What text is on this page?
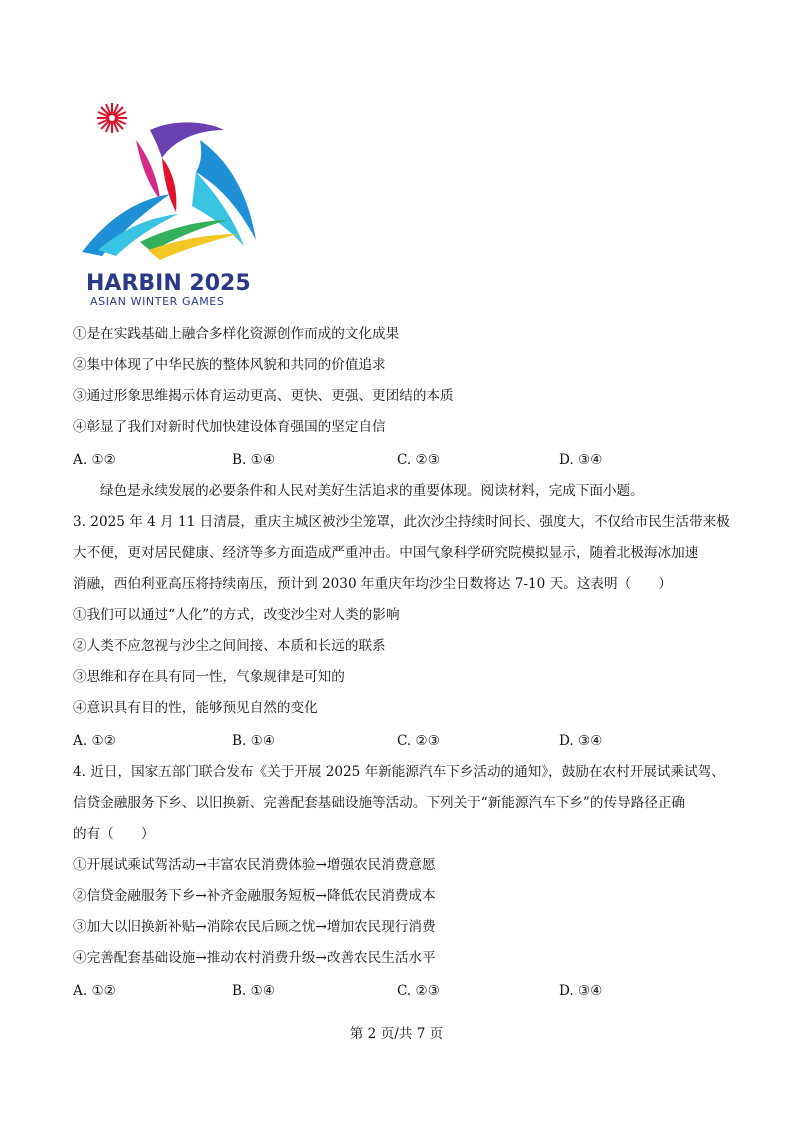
HARBIN 2025
ASIAN WINTER GAMES
①是在实践基础上融合多样化资源创作而成的文化成果
②集中体现了中华民族的整体风貌和共同的价值追求
③通过形象思维揭示体育运动更高、更快、更强、更团结的本质
④彰显了我们对新时代加快建设体育强国的坚定自信
A. ①②	B. ①④	C. ②③	D. ③④
绿色是永续发展的必要条件和人民对美好生活追求的重要体现。阅读材料，完成下面小题。
3. 2025 年 4 月 11 日清晨，重庆主城区被沙尘笼罩，此次沙尘持续时间长、强度大，不仅给市民生活带来极
大不便，更对居民健康、经济等多方面造成严重冲击。中国气象科学研究院模拟显示，随着北极海冰加速
消融，西伯利亚高压将持续南压，预计到 2030 年重庆年均沙尘日数将达 7-10 天。这表明（　　）
①我们可以通过“人化”的方式，改变沙尘对人类的影响
②人类不应忽视与沙尘之间间接、本质和长远的联系
③思维和存在具有同一性，气象规律是可知的
④意识具有目的性，能够预见自然的变化
A. ①②	B. ①④	C. ②③	D. ③④
4. 近日，国家五部门联合发布《关于开展 2025 年新能源汽车下乡活动的通知》，鼓励在农村开展试乘试驾、
信贷金融服务下乡、以旧换新、完善配套基础设施等活动。下列关于“新能源汽车下乡”的传导路径正确
的有（　　）
①开展试乘试驾活动→丰富农民消费体验→增强农民消费意愿
②信贷金融服务下乡→补齐金融服务短板→降低农民消费成本
③加大以旧换新补贴→消除农民后顾之忧→增加农民现行消费
④完善配套基础设施→推动农村消费升级→改善农民生活水平
A. ①②	B. ①④	C. ②③	D. ③④
第 2 页/共 7 页
